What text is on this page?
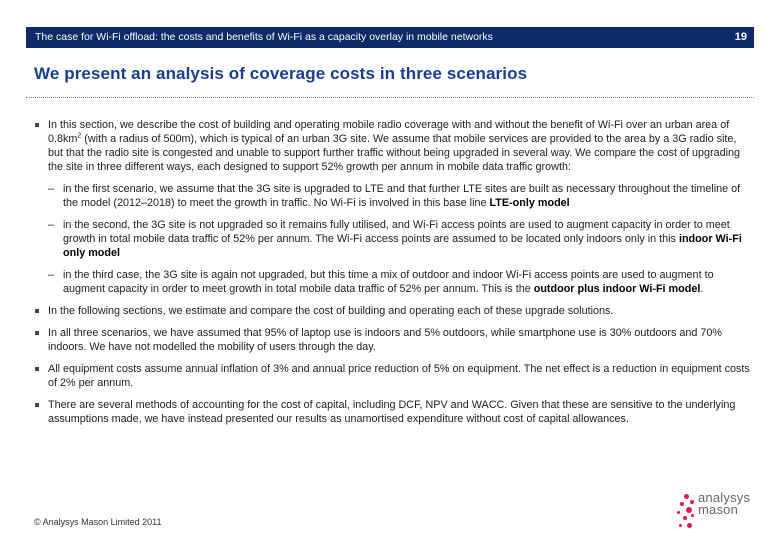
The case for Wi-Fi offload: the costs and benefits of Wi-Fi as a capacity overlay in mobile networks	19
We present an analysis of coverage costs in three scenarios

In this section, we describe the cost of building and operating mobile radio coverage with and without the benefit of Wi-Fi over an urban area of $0.8km^2$ (with a radius of 500m), which is typical of an urban 3G site. We assume that mobile services are provided to the area by a 3G radio site, but that the radio site is congested and unable to support further traffic without being upgraded in several way. We compare the cost of upgrading the site in three different ways, each designed to support 52% growth per annum in mobile data traffic growth:

– in the first scenario, we assume that the 3G site is upgraded to LTE and that further LTE sites are built as necessary throughout the timeline of the model (2012–2018) to meet the growth in traffic. No Wi-Fi is involved in this base line LTE-only model

– in the second, the 3G site is not upgraded so it remains fully utilised, and Wi-Fi access points are used to augment capacity in order to meet growth in total mobile data traffic of 52% per annum. The Wi-Fi access points are assumed to be located only indoors only in this indoor Wi-Fi only model

– in the third case, the 3G site is again not upgraded, but this time a mix of outdoor and indoor Wi-Fi access points are used to augment to augment capacity in order to meet growth in total mobile data traffic of 52% per annum. This is the outdoor plus indoor Wi-Fi model.

In the following sections, we estimate and compare the cost of building and operating each of these upgrade solutions.

In all three scenarios, we have assumed that 95% of laptop use is indoors and 5% outdoors, while smartphone use is 30% outdoors and 70% indoors. We have not modelled the mobility of users through the day.

All equipment costs assume annual inflation of 3% and annual price reduction of 5% on equipment. The net effect is a reduction in equipment costs of 2% per annum.

There are several methods of accounting for the cost of capital, including DCF, NPV and WACC. Given that these are sensitive to the underlying assumptions made, we have instead presented our results as unamortised expenditure without cost of capital allowances.

© Analysys Mason Limited 2011
analysys
mason
